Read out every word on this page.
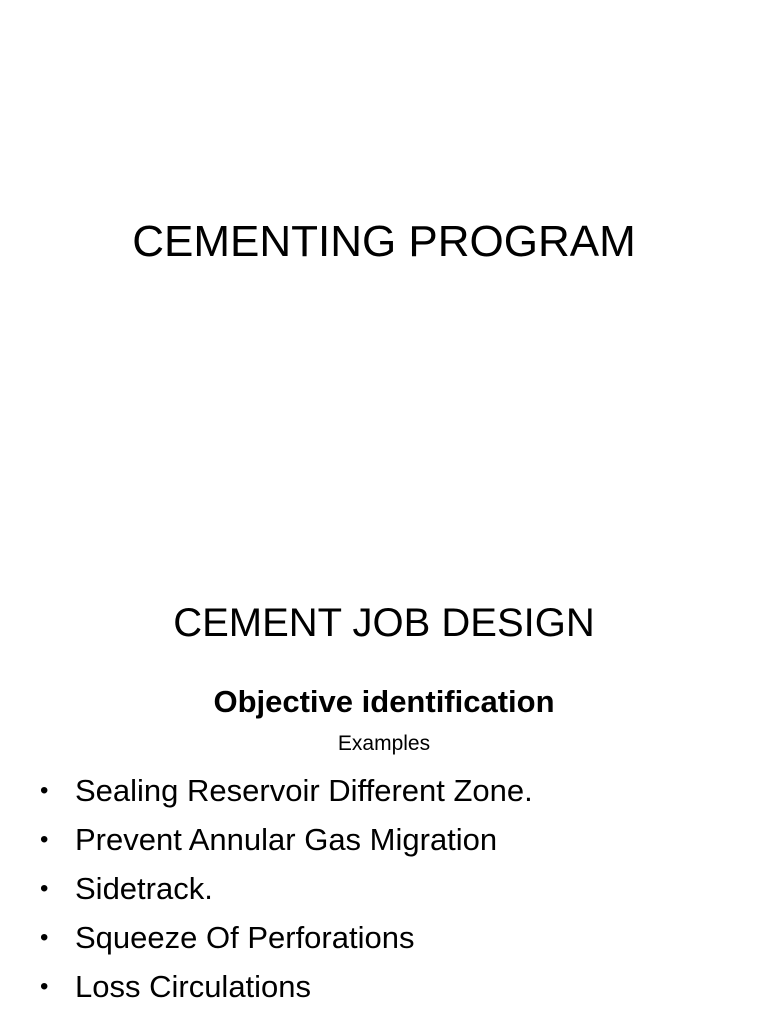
CEMENTING PROGRAM
CEMENT JOB DESIGN
Objective identification

Examples

• Sealing Reservoir Different Zone.
• Prevent Annular Gas Migration
• Sidetrack.
• Squeeze Of Perforations
• Loss Circulations
